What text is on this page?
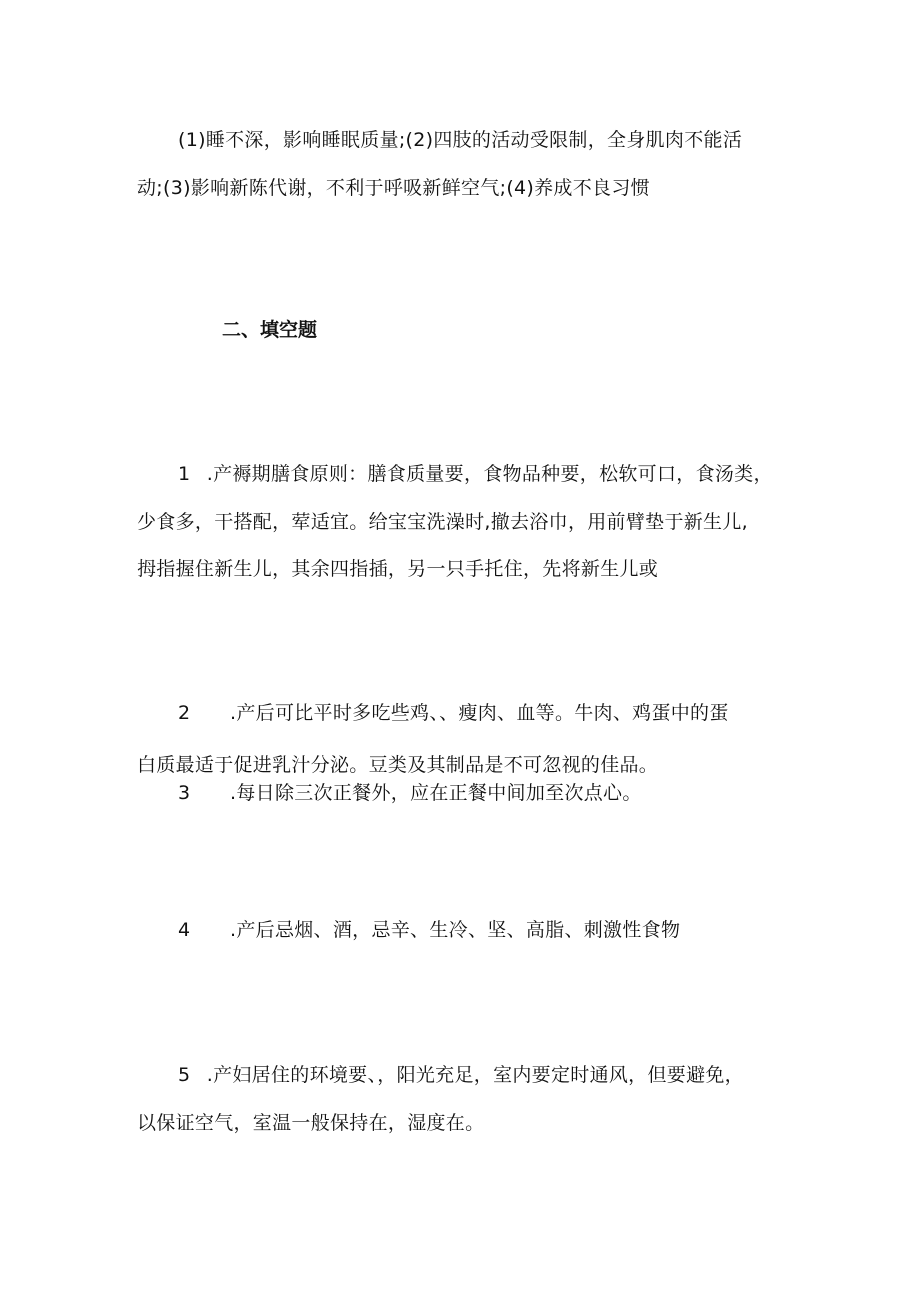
(1)睡不深，影响睡眠质量;(2)四肢的活动受限制，全身肌肉不能活
动;(3)影响新陈代谢，不利于呼吸新鲜空气;(4)养成不良习惯
二、填空题
1 .产褥期膳食原则：膳食质量要，食物品种要，松软可口，食汤类，
少食多，干搭配，荤适宜。给宝宝洗澡时,撤去浴巾，用前臂垫于新生儿,
拇指握住新生儿，其余四指插，另一只手托住，先将新生儿或
2 .产后可比平时多吃些鸡、、瘦肉、血等。牛肉、鸡蛋中的蛋
白质最适于促进乳汁分泌。豆类及其制品是不可忽视的佳品。
3 .每日除三次正餐外，应在正餐中间加至次点心。
4 .产后忌烟、酒，忌辛、生冷、坚、高脂、刺激性食物
5 .产妇居住的环境要、，阳光充足，室内要定时通风，但要避免，
以保证空气，室温一般保持在，湿度在。
